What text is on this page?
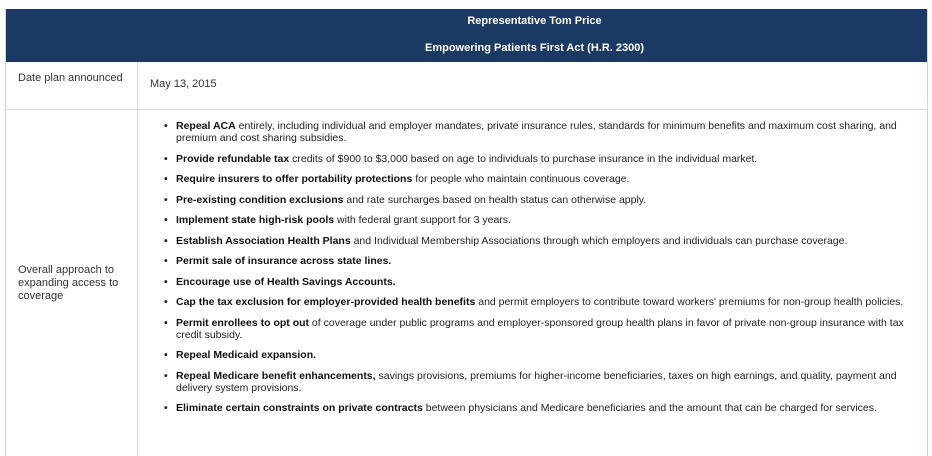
Representative Tom Price
Empowering Patients First Act (H.R. 2300)
Date plan announced	May 13, 2015
Overall approach to expanding access to coverage
• Repeal ACA entirely, including individual and employer mandates, private insurance rules, standards for minimum benefits and maximum cost sharing, and premium and cost sharing subsidies.
• Provide refundable tax credits of $900 to $3,000 based on age to individuals to purchase insurance in the individual market.
• Require insurers to offer portability protections for people who maintain continuous coverage.
• Pre-existing condition exclusions and rate surcharges based on health status can otherwise apply.
• Implement state high-risk pools with federal grant support for 3 years.
• Establish Association Health Plans and Individual Membership Associations through which employers and individuals can purchase coverage.
• Permit sale of insurance across state lines.
• Encourage use of Health Savings Accounts.
• Cap the tax exclusion for employer-provided health benefits and permit employers to contribute toward workers' premiums for non-group health policies.
• Permit enrollees to opt out of coverage under public programs and employer-sponsored group health plans in favor of private non-group insurance with tax credit subsidy.
• Repeal Medicaid expansion.
• Repeal Medicare benefit enhancements, savings provisions, premiums for higher-income beneficiaries, taxes on high earnings, and quality, payment and delivery system provisions.
• Eliminate certain constraints on private contracts between physicians and Medicare beneficiaries and the amount that can be charged for services.
